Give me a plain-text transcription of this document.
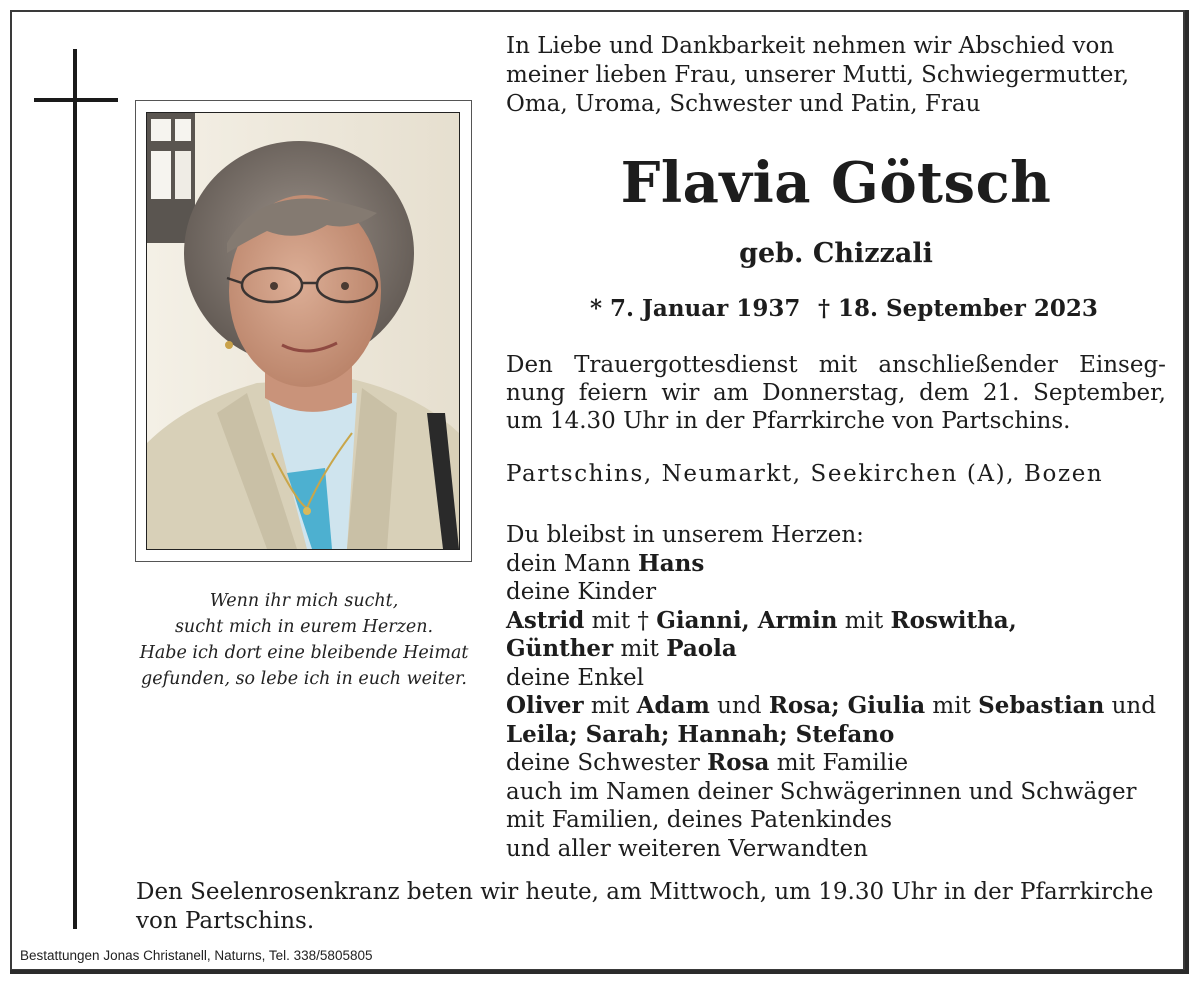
Wenn ihr mich sucht,
sucht mich in eurem Herzen.
Habe ich dort eine bleibende Heimat
gefunden, so lebe ich in euch weiter.
In Liebe und Dankbarkeit nehmen wir Abschied von
meiner lieben Frau, unserer Mutti, Schwiegermutter,
Oma, Uroma, Schwester und Patin, Frau
Flavia Götsch
geb. Chizzali
* 7. Januar 1937 † 18. September 2023
Den Trauergottesdienst mit anschließender Einseg-
nung feiern wir am Donnerstag, dem 21. September,
um 14.30 Uhr in der Pfarrkirche von Partschins.
Partschins, Neumarkt, Seekirchen (A), Bozen
Du bleibst in unserem Herzen:
dein Mann Hans
deine Kinder
Astrid mit † Gianni, Armin mit Roswitha,
Günther mit Paola
deine Enkel
Oliver mit Adam und Rosa; Giulia mit Sebastian und
Leila; Sarah; Hannah; Stefano
deine Schwester Rosa mit Familie
auch im Namen deiner Schwägerinnen und Schwäger
mit Familien, deines Patenkindes
und aller weiteren Verwandten
Den Seelenrosenkranz beten wir heute, am Mittwoch, um 19.30 Uhr in der Pfarrkirche
von Partschins.
Bestattungen Jonas Christanell, Naturns, Tel. 338/5805805
